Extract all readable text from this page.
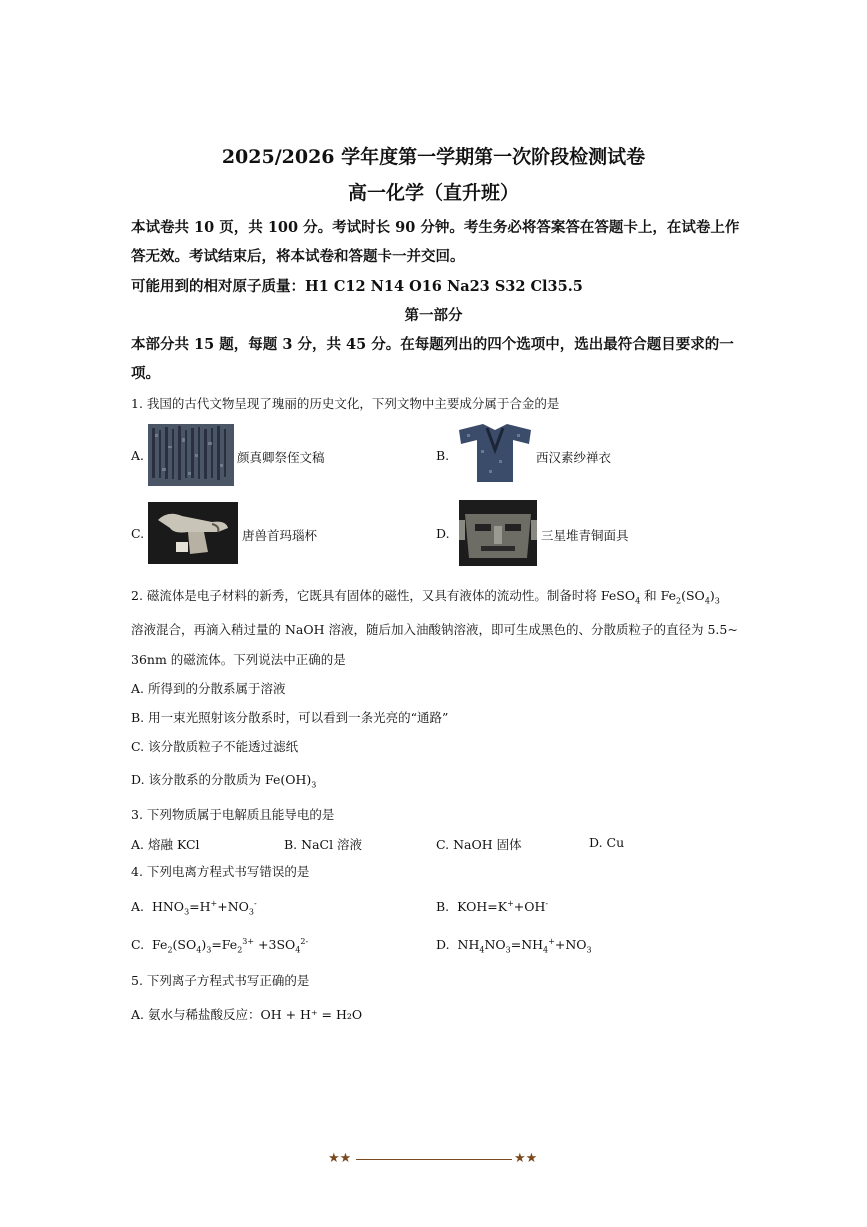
2025/2026 学年度第一学期第一次阶段检测试卷
高一化学（直升班）
本试卷共 10 页，共 100 分。考试时长 90 分钟。考生务必将答案答在答题卡上，在试卷上作
答无效。考试结束后，将本试卷和答题卡一并交回。
可能用到的相对原子质量：H1 C12 N14 O16 Na23 S32 Cl35.5
第一部分
本部分共 15 题，每题 3 分，共 45 分。在每题列出的四个选项中，选出最符合题目要求的一
项。
1. 我国的古代文物呈现了瑰丽的历史文化，下列文物中主要成分属于合金的是
A.	颜真卿祭侄文稿	B.	西汉素纱禅衣
C.	唐兽首玛瑙杯	D.	三星堆青铜面具
2. 磁流体是电子材料的新秀，它既具有固体的磁性，又具有液体的流动性。制备时将 FeSO$_4$ 和 $Fe_2(SO_4)_3$
溶液混合，再滴入稍过量的 NaOH 溶液，随后加入油酸钠溶液，即可生成黑色的、分散质粒子的直径为 5.5~
36nm 的磁流体。下列说法中正确的是
A. 所得到的分散系属于溶液
B. 用一束光照射该分散系时，可以看到一条光亮的“通路”
C. 该分散质粒子不能透过滤纸
D. 该分散系的分散质为 $Fe(OH)_3$
3. 下列物质属于电解质且能导电的是
A. 熔融 KCl	B. NaCl 溶液	C. NaOH 固体	D. Cu
4. 下列电离方程式书写错误的是
A.  $HNO_3=H^++NO_3^-$	B.  KOH=K++OH-
C.  $Fe_2(SO_4)_3=Fe_2^{3+} +3SO_4^{2-}$	D.  $NH_4NO_3=NH_4^++NO_3$
5. 下列离子方程式书写正确的是
A. 氨水与稀盐酸反应：OH + H⁺ = H₂O
★★	★★
